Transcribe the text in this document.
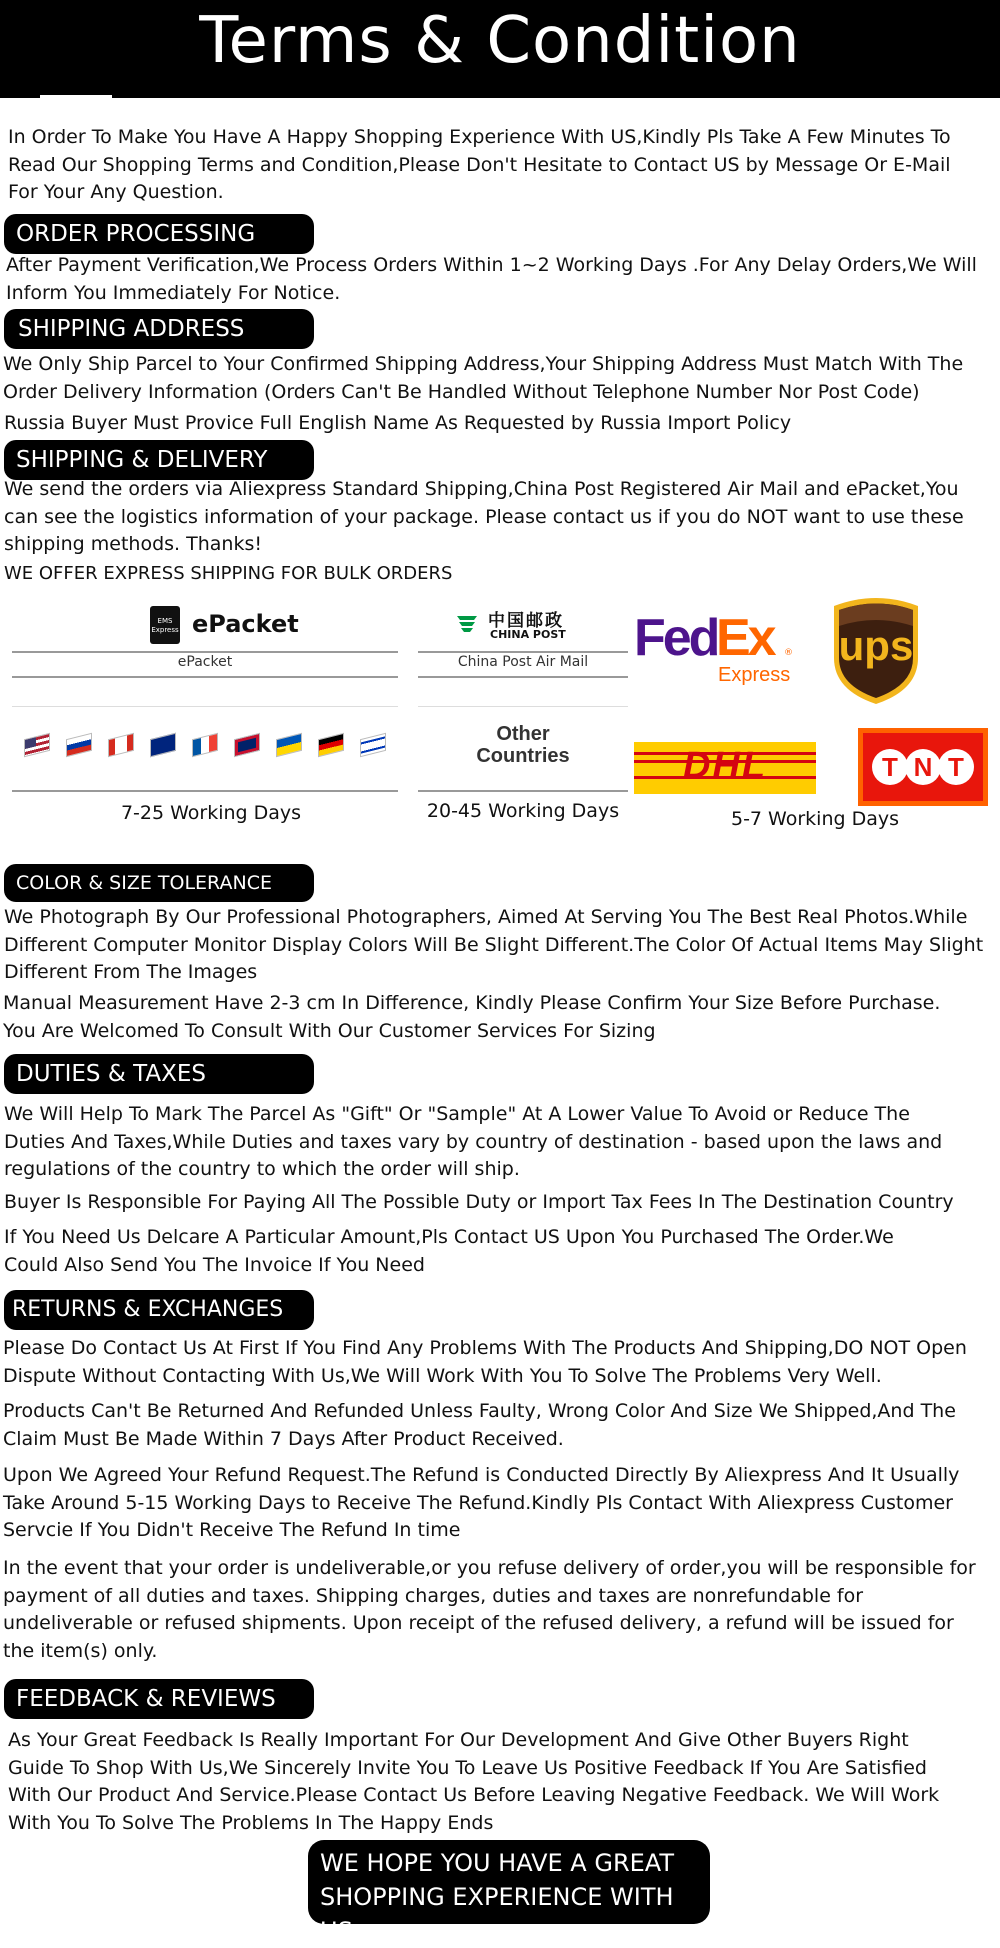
Terms & Condition
In Order To Make You Have A Happy Shopping Experience With US,Kindly Pls Take A Few Minutes To
Read Our Shopping Terms and Condition,Please Don't Hesitate to Contact US by Message Or E-Mail
For Your Any Question.
ORDER PROCESSING
After Payment Verification,We Process Orders Within 1~2 Working Days .For Any Delay Orders,We Will
Inform You Immediately For Notice.
SHIPPING ADDRESS
We Only Ship Parcel to Your Confirmed Shipping Address,Your Shipping Address Must Match With The
Order Delivery Information (Orders Can't Be Handled Without Telephone Number Nor Post Code)
Russia Buyer Must Provice Full English Name As Requested by Russia Import Policy
SHIPPING & DELIVERY
We send the orders via Aliexpress Standard Shipping,China Post Registered Air Mail and ePacket,You
can see the logistics information of your package. Please contact us if you do NOT want to use these
shipping methods. Thanks!
WE OFFER EXPRESS SHIPPING FOR BULK ORDERS
EMS Express ePacket
ePacket
7-25 Working Days
中国邮政
CHINA POST
China Post Air Mail
Other
Countries
20-45 Working Days
Fed
Ex ®
Express
ups
DHL	T N T
5-7 Working Days
COLOR & SIZE TOLERANCE
We Photograph By Our Professional Photographers, Aimed At Serving You The Best Real Photos.While
Different Computer Monitor Display Colors Will Be Slight Different.The Color Of Actual Items May Slight
Different From The Images
Manual Measurement Have 2-3 cm In Difference, Kindly Please Confirm Your Size Before Purchase.
You Are Welcomed To Consult With Our Customer Services For Sizing
DUTIES & TAXES
We Will Help To Mark The Parcel As "Gift" Or "Sample" At A Lower Value To Avoid or Reduce The
Duties And Taxes,While Duties and taxes vary by country of destination - based upon the laws and
regulations of the country to which the order will ship.
Buyer Is Responsible For Paying All The Possible Duty or Import Tax Fees In The Destination Country
If You Need Us Delcare A Particular Amount,Pls Contact US Upon You Purchased The Order.We
Could Also Send You The Invoice If You Need
RETURNS & EXCHANGES
Please Do Contact Us At First If You Find Any Problems With The Products And Shipping,DO NOT Open
Dispute Without Contacting With Us,We Will Work With You To Solve The Problems Very Well.
Products Can't Be Returned And Refunded Unless Faulty, Wrong Color And Size We Shipped,And The
Claim Must Be Made Within 7 Days After Product Received.
Upon We Agreed Your Refund Request.The Refund is Conducted Directly By Aliexpress And It Usually
Take Around 5-15 Working Days to Receive The Refund.Kindly Pls Contact With Aliexpress Customer
Servcie If You Didn't Receive The Refund In time
In the event that your order is undeliverable,or you refuse delivery of order,you will be responsible for
payment of all duties and taxes. Shipping charges, duties and taxes are nonrefundable for
undeliverable or refused shipments. Upon receipt of the refused delivery, a refund will be issued for
the item(s) only.
FEEDBACK & REVIEWS
As Your Great Feedback Is Really Important For Our Development And Give Other Buyers Right
Guide To Shop With Us,We Sincerely Invite You To Leave Us Positive Feedback If You Are Satisfied
With Our Product And Service.Please Contact Us Before Leaving Negative Feedback. We Will Work
With You To Solve The Problems In The Happy Ends
WE HOPE YOU HAVE A GREAT
SHOPPING EXPERIENCE WITH US
